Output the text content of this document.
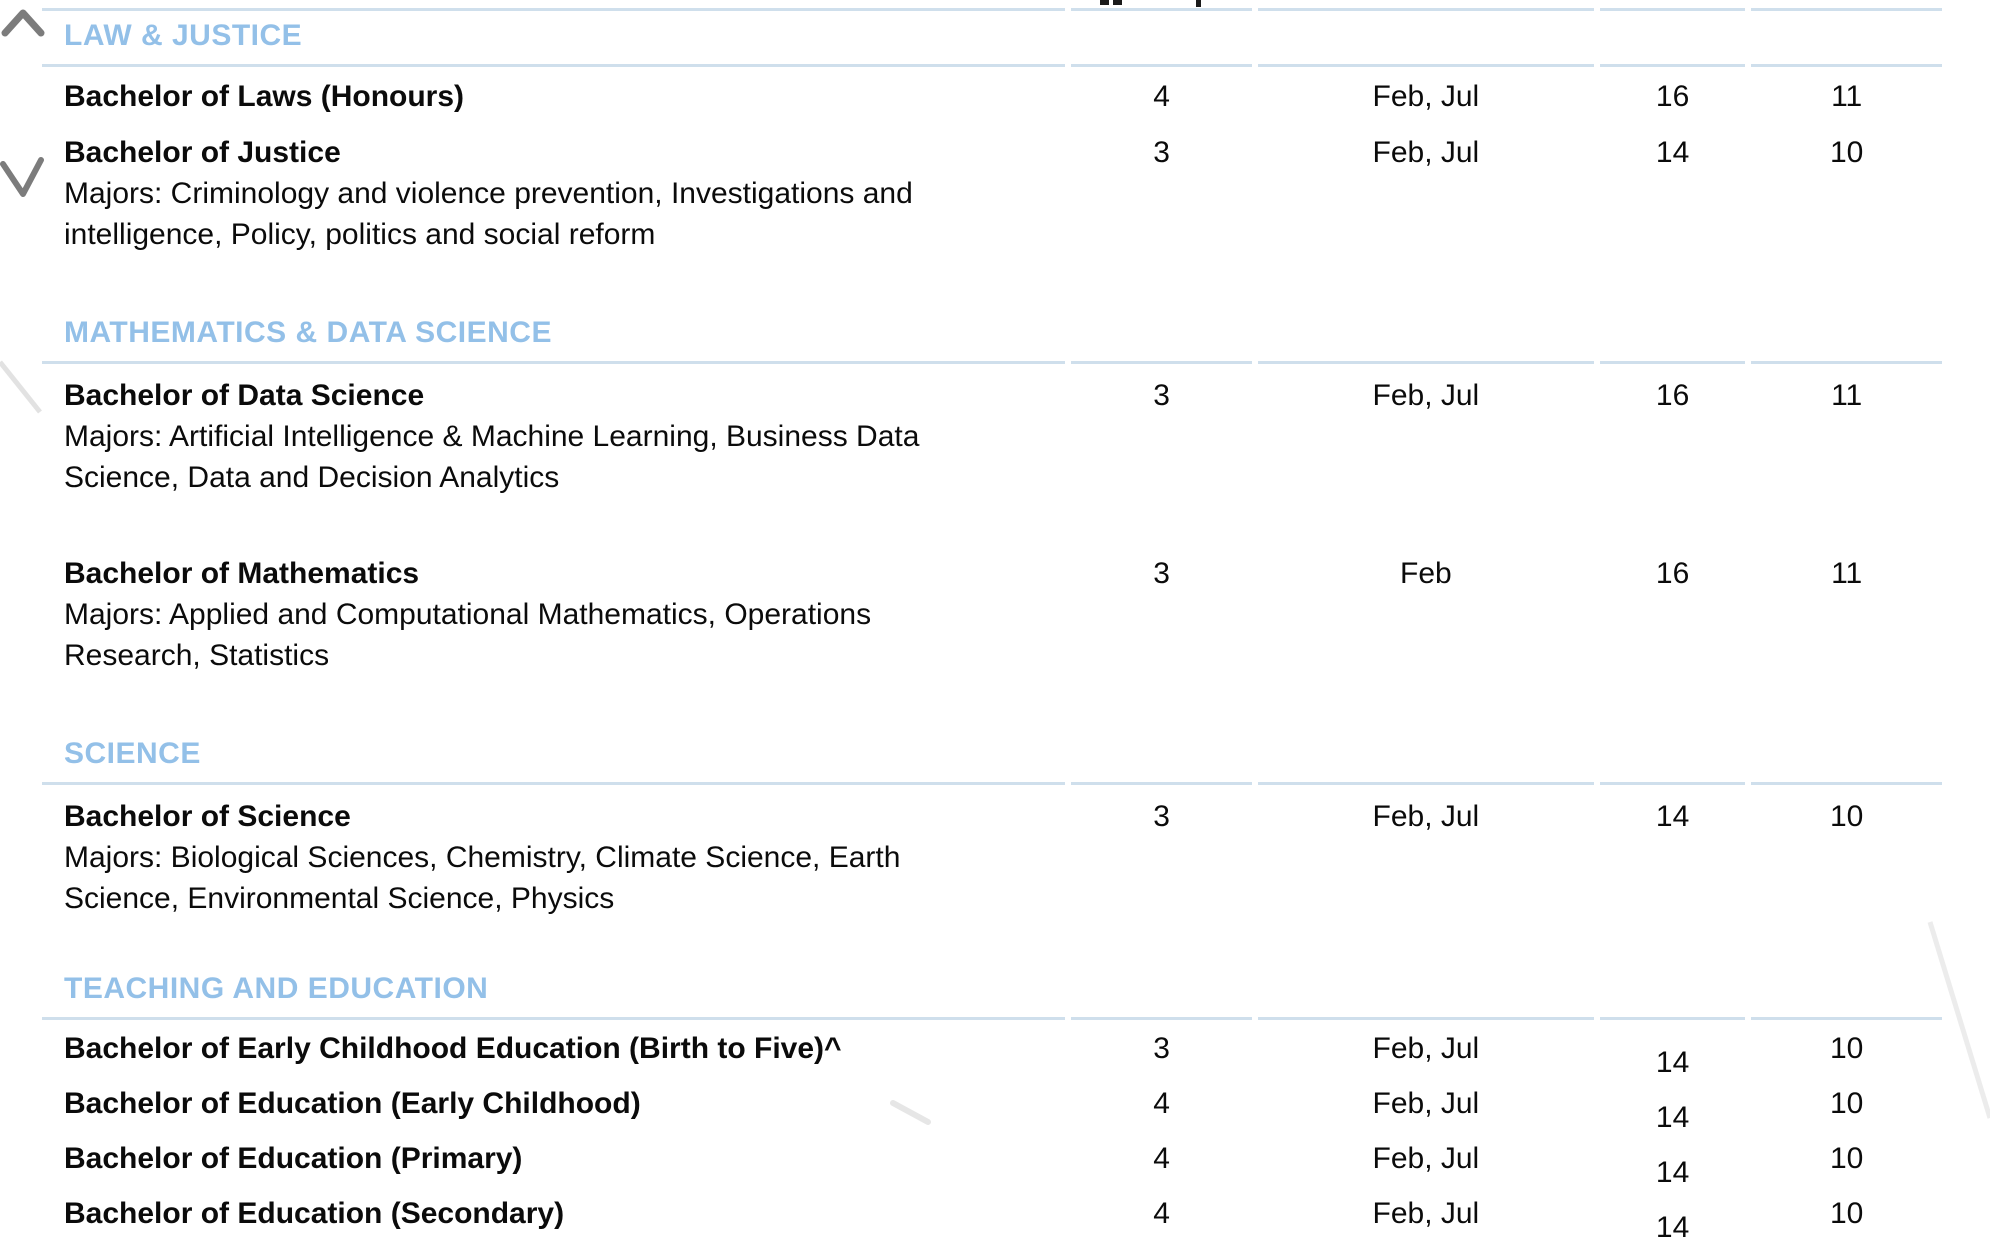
LAW & JUSTICE				

Bachelor of Laws (Honours)	4	Feb, Jul	16	11

Bachelor of Justice
Majors: Criminology and violence prevention, Investigations and intelligence, Policy, politics and social reform	3	Feb, Jul	14	10
MATHEMATICS & DATA SCIENCE				

Bachelor of Data Science
Majors: Artificial Intelligence & Machine Learning, Business Data Science, Data and Decision Analytics	3	Feb, Jul	16	11

Bachelor of Mathematics
Majors: Applied and Computational Mathematics, Operations Research, Statistics	3	Feb	16	11
SCIENCE				

Bachelor of Science
Majors: Biological Sciences, Chemistry, Climate Science, Earth Science, Environmental Science, Physics	3	Feb, Jul	14	10
TEACHING AND EDUCATION				

Bachelor of Early Childhood Education (Birth to Five)^	3	Feb, Jul	14	10

Bachelor of Education (Early Childhood)	4	Feb, Jul	14	10

Bachelor of Education (Primary)	4	Feb, Jul	14	10

Bachelor of Education (Secondary)	4	Feb, Jul	14	10
